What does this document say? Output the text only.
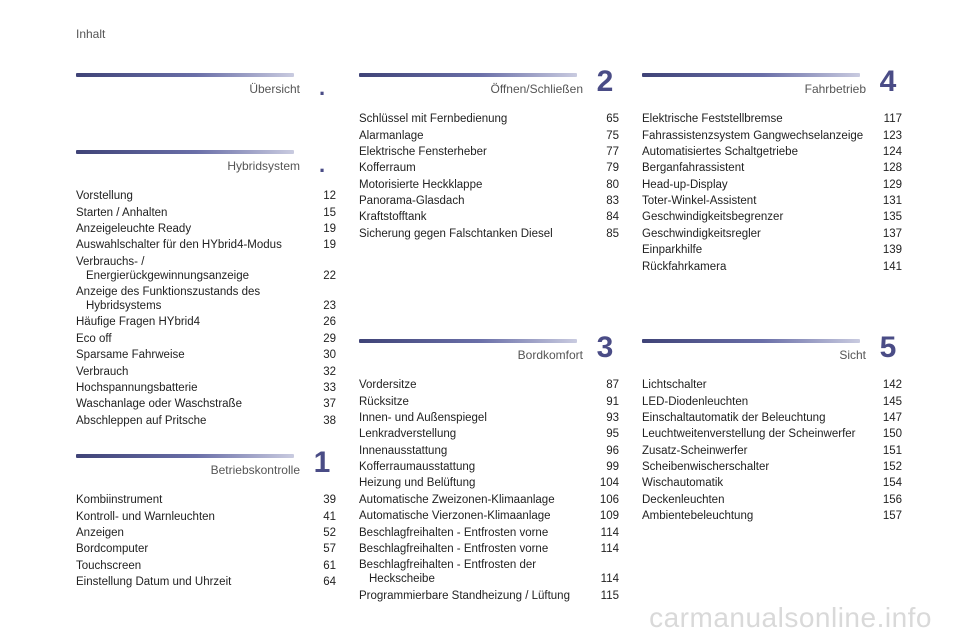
Inhalt
Übersicht .
Hybridsystem .
Vorstellung	12
Starten / Anhalten	15
Anzeigeleuchte Ready	19
Auswahlschalter für den HYbrid4-Modus	19
Verbrauchs- /
Energierückgewinnungsanzeige	22
Anzeige des Funktionszustands des
Hybridsystems	23
Häufige Fragen HYbrid4	26
Eco off	29
Sparsame Fahrweise	30
Verbrauch	32
Hochspannungsbatterie	33
Waschanlage oder Waschstraße	37
Abschleppen auf Pritsche	38
Betriebskontrolle 1
Kombiinstrument	39
Kontroll- und Warnleuchten	41
Anzeigen	52
Bordcomputer	57
Touchscreen	61
Einstellung Datum und Uhrzeit	64
Öffnen/Schließen 2
Schlüssel mit Fernbedienung	65
Alarmanlage	75
Elektrische Fensterheber	77
Kofferraum	79
Motorisierte Heckklappe	80
Panorama-Glasdach	83
Kraftstofftank	84
Sicherung gegen Falschtanken Diesel	85
Bordkomfort 3
Vordersitze	87
Rücksitze	91
Innen- und Außenspiegel	93
Lenkradverstellung	95
Innenausstattung	96
Kofferraumausstattung	99
Heizung und Belüftung	104
Automatische Zweizonen-Klimaanlage	106
Automatische Vierzonen-Klimaanlage	109
Beschlagfreihalten - Entfrosten vorne	114
Beschlagfreihalten - Entfrosten vorne	114
Beschlagfreihalten - Entfrosten der
Heckscheibe	114
Programmierbare Standheizung / Lüftung	115
Fahrbetrieb 4
Elektrische Feststellbremse	117
Fahrassistenzsystem Gangwechselanzeige	123
Automatisiertes Schaltgetriebe	124
Berganfahrassistent	128
Head-up-Display	129
Toter-Winkel-Assistent	131
Geschwindigkeitsbegrenzer	135
Geschwindigkeitsregler	137
Einparkhilfe	139
Rückfahrkamera	141
Sicht 5
Lichtschalter	142
LED-Diodenleuchten	145
Einschaltautomatik der Beleuchtung	147
Leuchtweitenverstellung der Scheinwerfer	150
Zusatz-Scheinwerfer	151
Scheibenwischerschalter	152
Wischautomatik	154
Deckenleuchten	156
Ambientebeleuchtung	157
carmanualsonline.info
